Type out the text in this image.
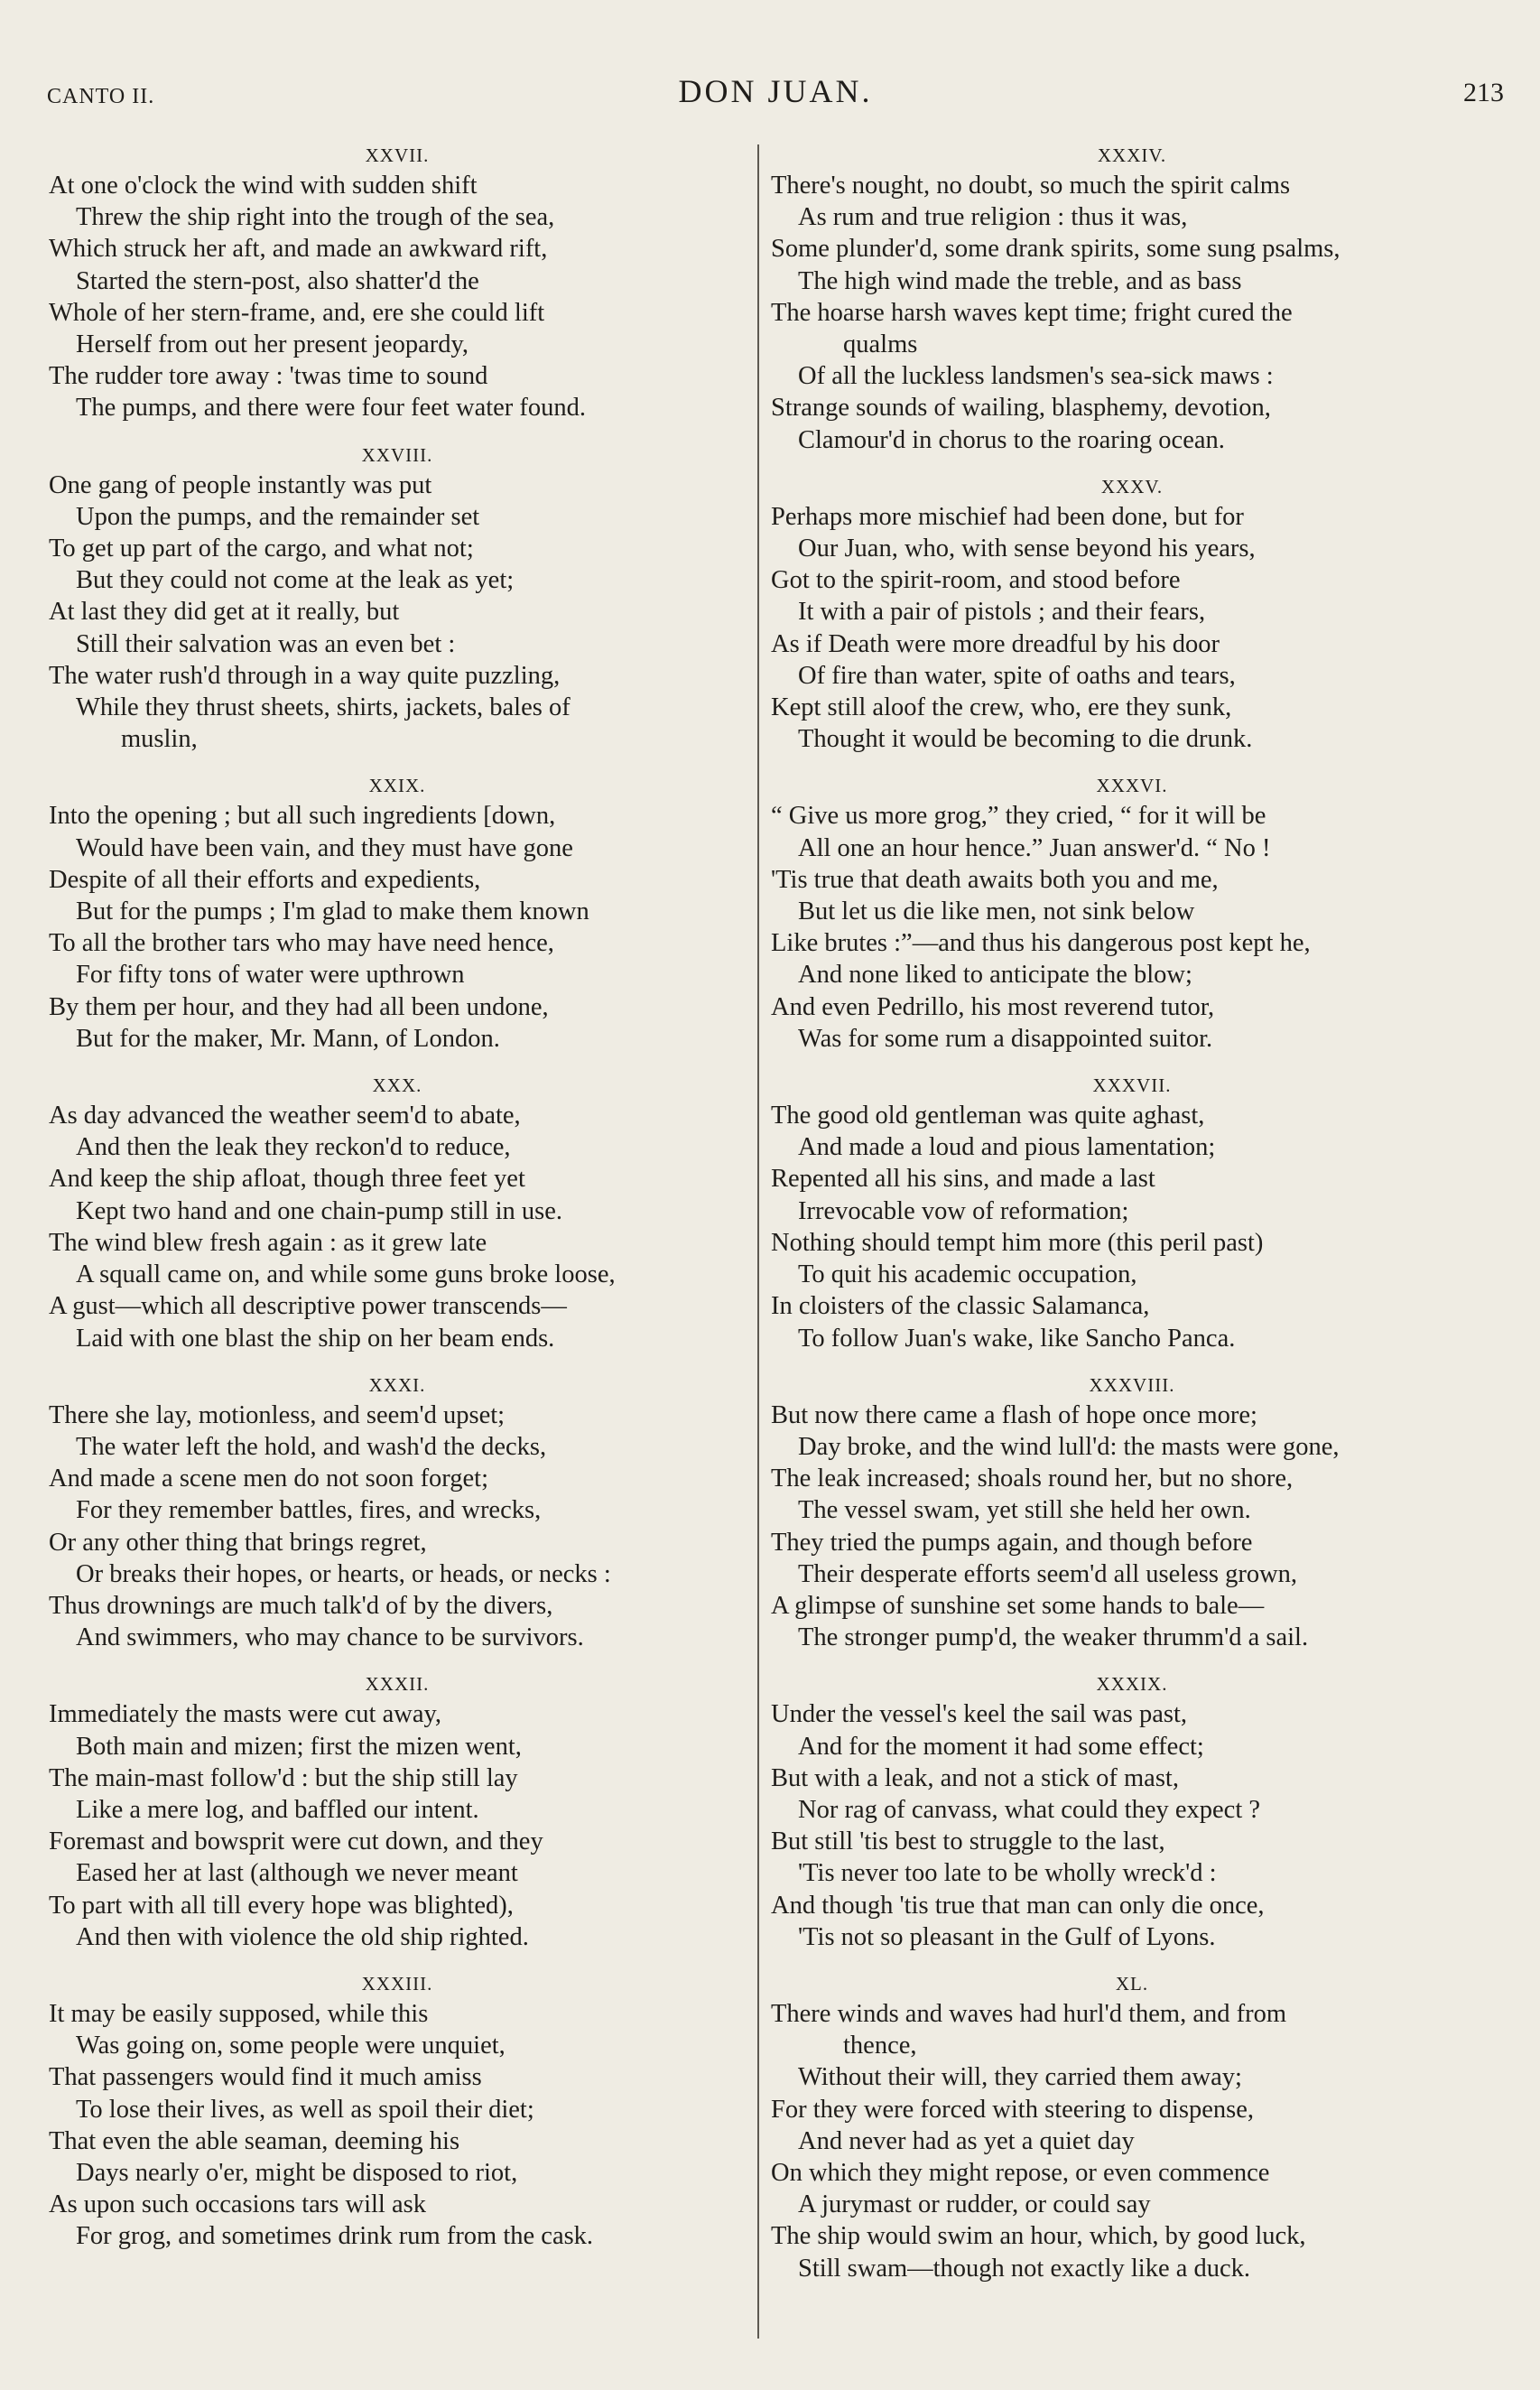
CANTO II.	DON JUAN.	213
XXVII.
At one o'clock the wind with sudden shift
Threw the ship right into the trough of the sea,
Which struck her aft, and made an awkward rift,
Started the stern-post, also shatter'd the
Whole of her stern-frame, and, ere she could lift
Herself from out her present jeopardy,
The rudder tore away : 'twas time to sound
The pumps, and there were four feet water found.
XXVIII.
One gang of people instantly was put
Upon the pumps, and the remainder set
To get up part of the cargo, and what not;
But they could not come at the leak as yet;
At last they did get at it really, but
Still their salvation was an even bet :
The water rush'd through in a way quite puzzling,
While they thrust sheets, shirts, jackets, bales of
muslin,
XXIX.
Into the opening ; but all such ingredients [down,
Would have been vain, and they must have gone
Despite of all their efforts and expedients,
But for the pumps ; I'm glad to make them known
To all the brother tars who may have need hence,
For fifty tons of water were upthrown
By them per hour, and they had all been undone,
But for the maker, Mr. Mann, of London.
XXX.
As day advanced the weather seem'd to abate,
And then the leak they reckon'd to reduce,
And keep the ship afloat, though three feet yet
Kept two hand and one chain-pump still in use.
The wind blew fresh again : as it grew late
A squall came on, and while some guns broke loose,
A gust—which all descriptive power transcends—
Laid with one blast the ship on her beam ends.
XXXI.
There she lay, motionless, and seem'd upset;
The water left the hold, and wash'd the decks,
And made a scene men do not soon forget;
For they remember battles, fires, and wrecks,
Or any other thing that brings regret,
Or breaks their hopes, or hearts, or heads, or necks :
Thus drownings are much talk'd of by the divers,
And swimmers, who may chance to be survivors.
XXXII.
Immediately the masts were cut away,
Both main and mizen; first the mizen went,
The main-mast follow'd : but the ship still lay
Like a mere log, and baffled our intent.
Foremast and bowsprit were cut down, and they
Eased her at last (although we never meant
To part with all till every hope was blighted),
And then with violence the old ship righted.
XXXIII.
It may be easily supposed, while this
Was going on, some people were unquiet,
That passengers would find it much amiss
To lose their lives, as well as spoil their diet;
That even the able seaman, deeming his
Days nearly o'er, might be disposed to riot,
As upon such occasions tars will ask
For grog, and sometimes drink rum from the cask.
XXXIV.
There's nought, no doubt, so much the spirit calms
As rum and true religion : thus it was,
Some plunder'd, some drank spirits, some sung psalms,
The high wind made the treble, and as bass
The hoarse harsh waves kept time; fright cured the
qualms
Of all the luckless landsmen's sea-sick maws :
Strange sounds of wailing, blasphemy, devotion,
Clamour'd in chorus to the roaring ocean.
XXXV.
Perhaps more mischief had been done, but for
Our Juan, who, with sense beyond his years,
Got to the spirit-room, and stood before
It with a pair of pistols ; and their fears,
As if Death were more dreadful by his door
Of fire than water, spite of oaths and tears,
Kept still aloof the crew, who, ere they sunk,
Thought it would be becoming to die drunk.
XXXVI.
“ Give us more grog,” they cried, “ for it will be
All one an hour hence.” Juan answer'd. “ No !
'Tis true that death awaits both you and me,
But let us die like men, not sink below
Like brutes :”—and thus his dangerous post kept he,
And none liked to anticipate the blow;
And even Pedrillo, his most reverend tutor,
Was for some rum a disappointed suitor.
XXXVII.
The good old gentleman was quite aghast,
And made a loud and pious lamentation;
Repented all his sins, and made a last
Irrevocable vow of reformation;
Nothing should tempt him more (this peril past)
To quit his academic occupation,
In cloisters of the classic Salamanca,
To follow Juan's wake, like Sancho Panca.
XXXVIII.
But now there came a flash of hope once more;
Day broke, and the wind lull'd: the masts were gone,
The leak increased; shoals round her, but no shore,
The vessel swam, yet still she held her own.
They tried the pumps again, and though before
Their desperate efforts seem'd all useless grown,
A glimpse of sunshine set some hands to bale—
The stronger pump'd, the weaker thrumm'd a sail.
XXXIX.
Under the vessel's keel the sail was past,
And for the moment it had some effect;
But with a leak, and not a stick of mast,
Nor rag of canvass, what could they expect ?
But still 'tis best to struggle to the last,
'Tis never too late to be wholly wreck'd :
And though 'tis true that man can only die once,
'Tis not so pleasant in the Gulf of Lyons.
XL.
There winds and waves had hurl'd them, and from
thence,
Without their will, they carried them away;
For they were forced with steering to dispense,
And never had as yet a quiet day
On which they might repose, or even commence
A jurymast or rudder, or could say
The ship would swim an hour, which, by good luck,
Still swam—though not exactly like a duck.
